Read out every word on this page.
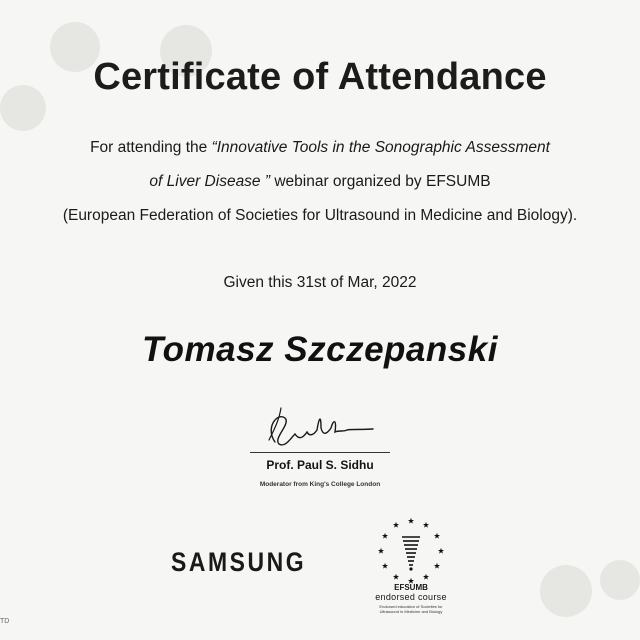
Certificate of Attendance
For attending the “Innovative Tools in the Sonographic Assessment
of Liver Disease ” webinar organized by EFSUMB
(European Federation of Societies for Ultrasound in Medicine and Biology).
Given this 31st of Mar, 2022
Tomasz Szczepanski
Prof. Paul S. Sidhu
Moderator from King's College London
SAMSUNG
EFSUMB
endorsed course
Endorsed education of Societies for
Ultrasound in Medicine and Biology
TD
